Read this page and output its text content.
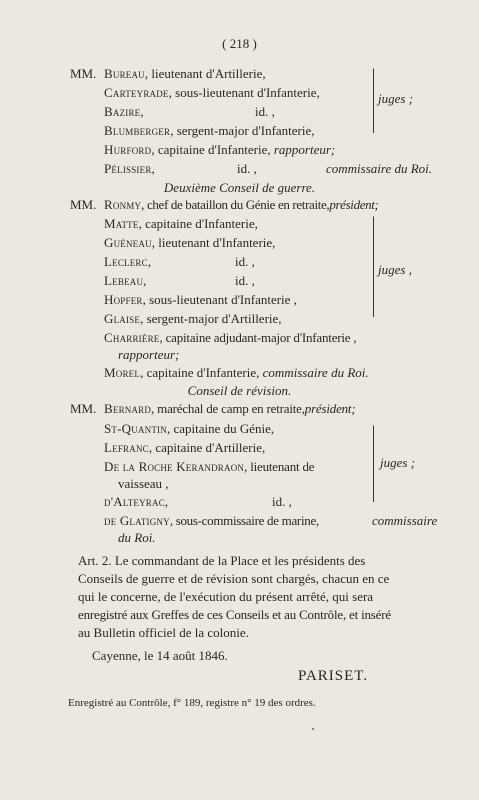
( 218 )
MM. Bureau, lieutenant d'Artillerie,
Carteyrade, sous-lieutenant d'Infanterie,
Bazire,	id. ,
Blumberger, sergent-major d'Infanterie,
juges ;
Hurford, capitaine d'Infanterie, rapporteur;
Pélissier,	id. ,	commissaire du Roi.
Deuxième Conseil de guerre.
MM. Ronmy, chef de bataillon du Génie en retraite,président;
Matte, capitaine d'Infanterie,
Guéneau, lieutenant d'Infanterie,
Leclerc,	id. ,
Lebeau,	id. ,
Hopfer, sous-lieutenant d'Infanterie ,
Glaise, sergent-major d'Artillerie,
juges ,
Charrière, capitaine adjudant-major d'Infanterie ,
rapporteur;
Morel, capitaine d'Infanterie, commissaire du Roi.
Conseil de révision.
MM. Bernard, maréchal de camp en retraite,président;
St-Quantin, capitaine du Génie,
Lefranc, capitaine d'Artillerie,
De la Roche Kerandraon, lieutenant de
vaisseau ,
d'Alteyrac,	id. ,
juges ;
de Glatigny, sous-commissaire de marine,	commissaire
du Roi.
Art. 2. Le commandant de la Place et les présidents des
Conseils de guerre et de révision sont chargés, chacun en ce
qui le concerne, de l'exécution du présent arrêté, qui sera
enregistré aux Greffes de ces Conseils et au Contrôle, et inséré
au Bulletin officiel de la colonie.
Cayenne, le 14 août 1846.
PARISET.
Enregistré au Contrôle, f° 189, registre n° 19 des ordres.
